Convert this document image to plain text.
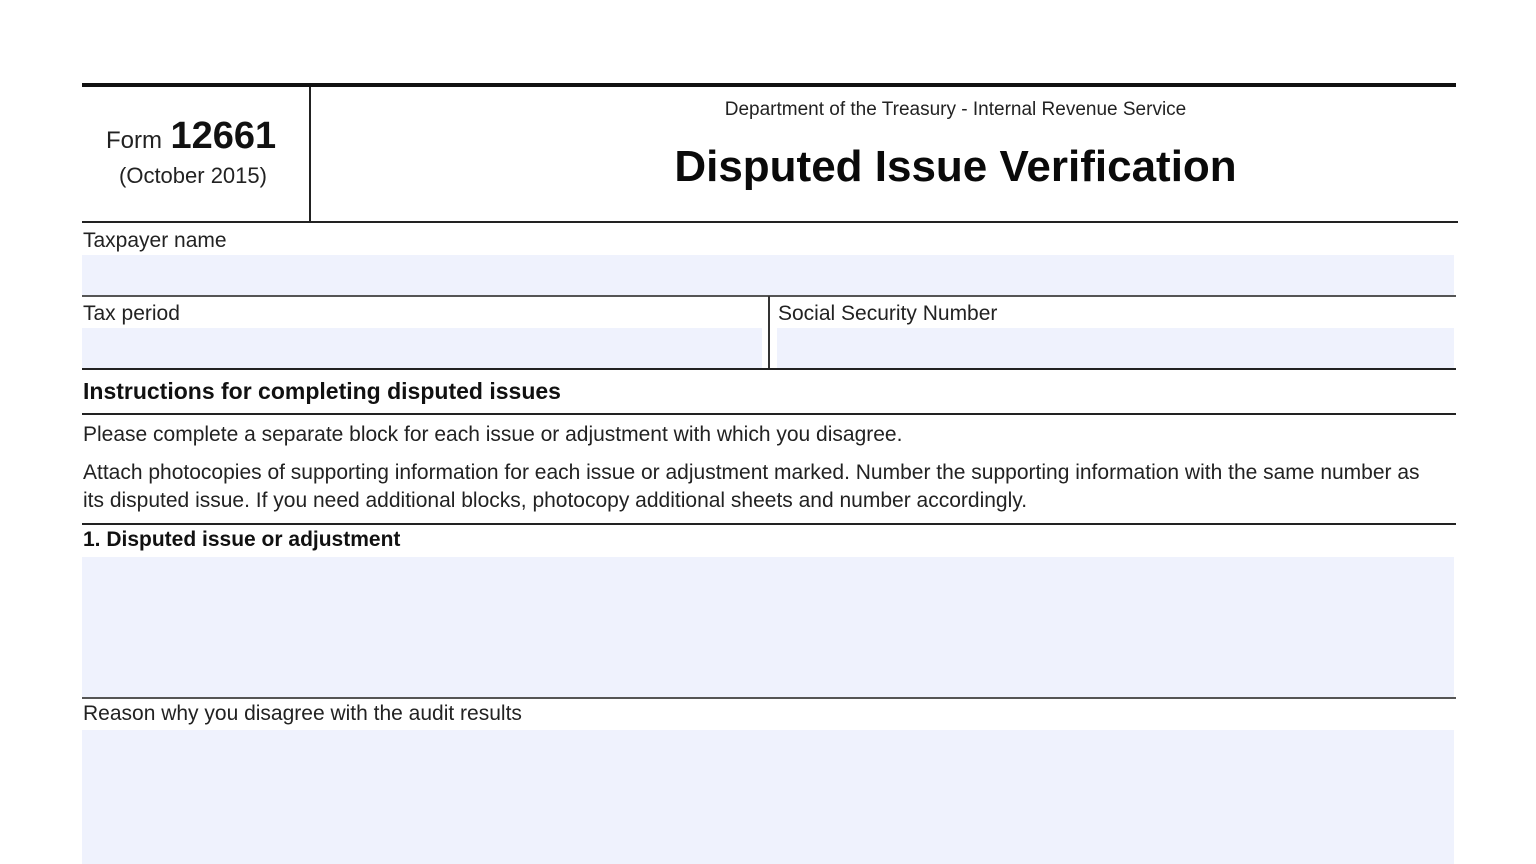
Form 12661
(October 2015)
Department of the Treasury - Internal Revenue Service
Disputed Issue Verification
Taxpayer name
Tax period	Social Security Number
Instructions for completing disputed issues
Please complete a separate block for each issue or adjustment with which you disagree.
Attach photocopies of supporting information for each issue or adjustment marked. Number the supporting information with the same number as its disputed issue. If you need additional blocks, photocopy additional sheets and number accordingly.
1. Disputed issue or adjustment
Reason why you disagree with the audit results
